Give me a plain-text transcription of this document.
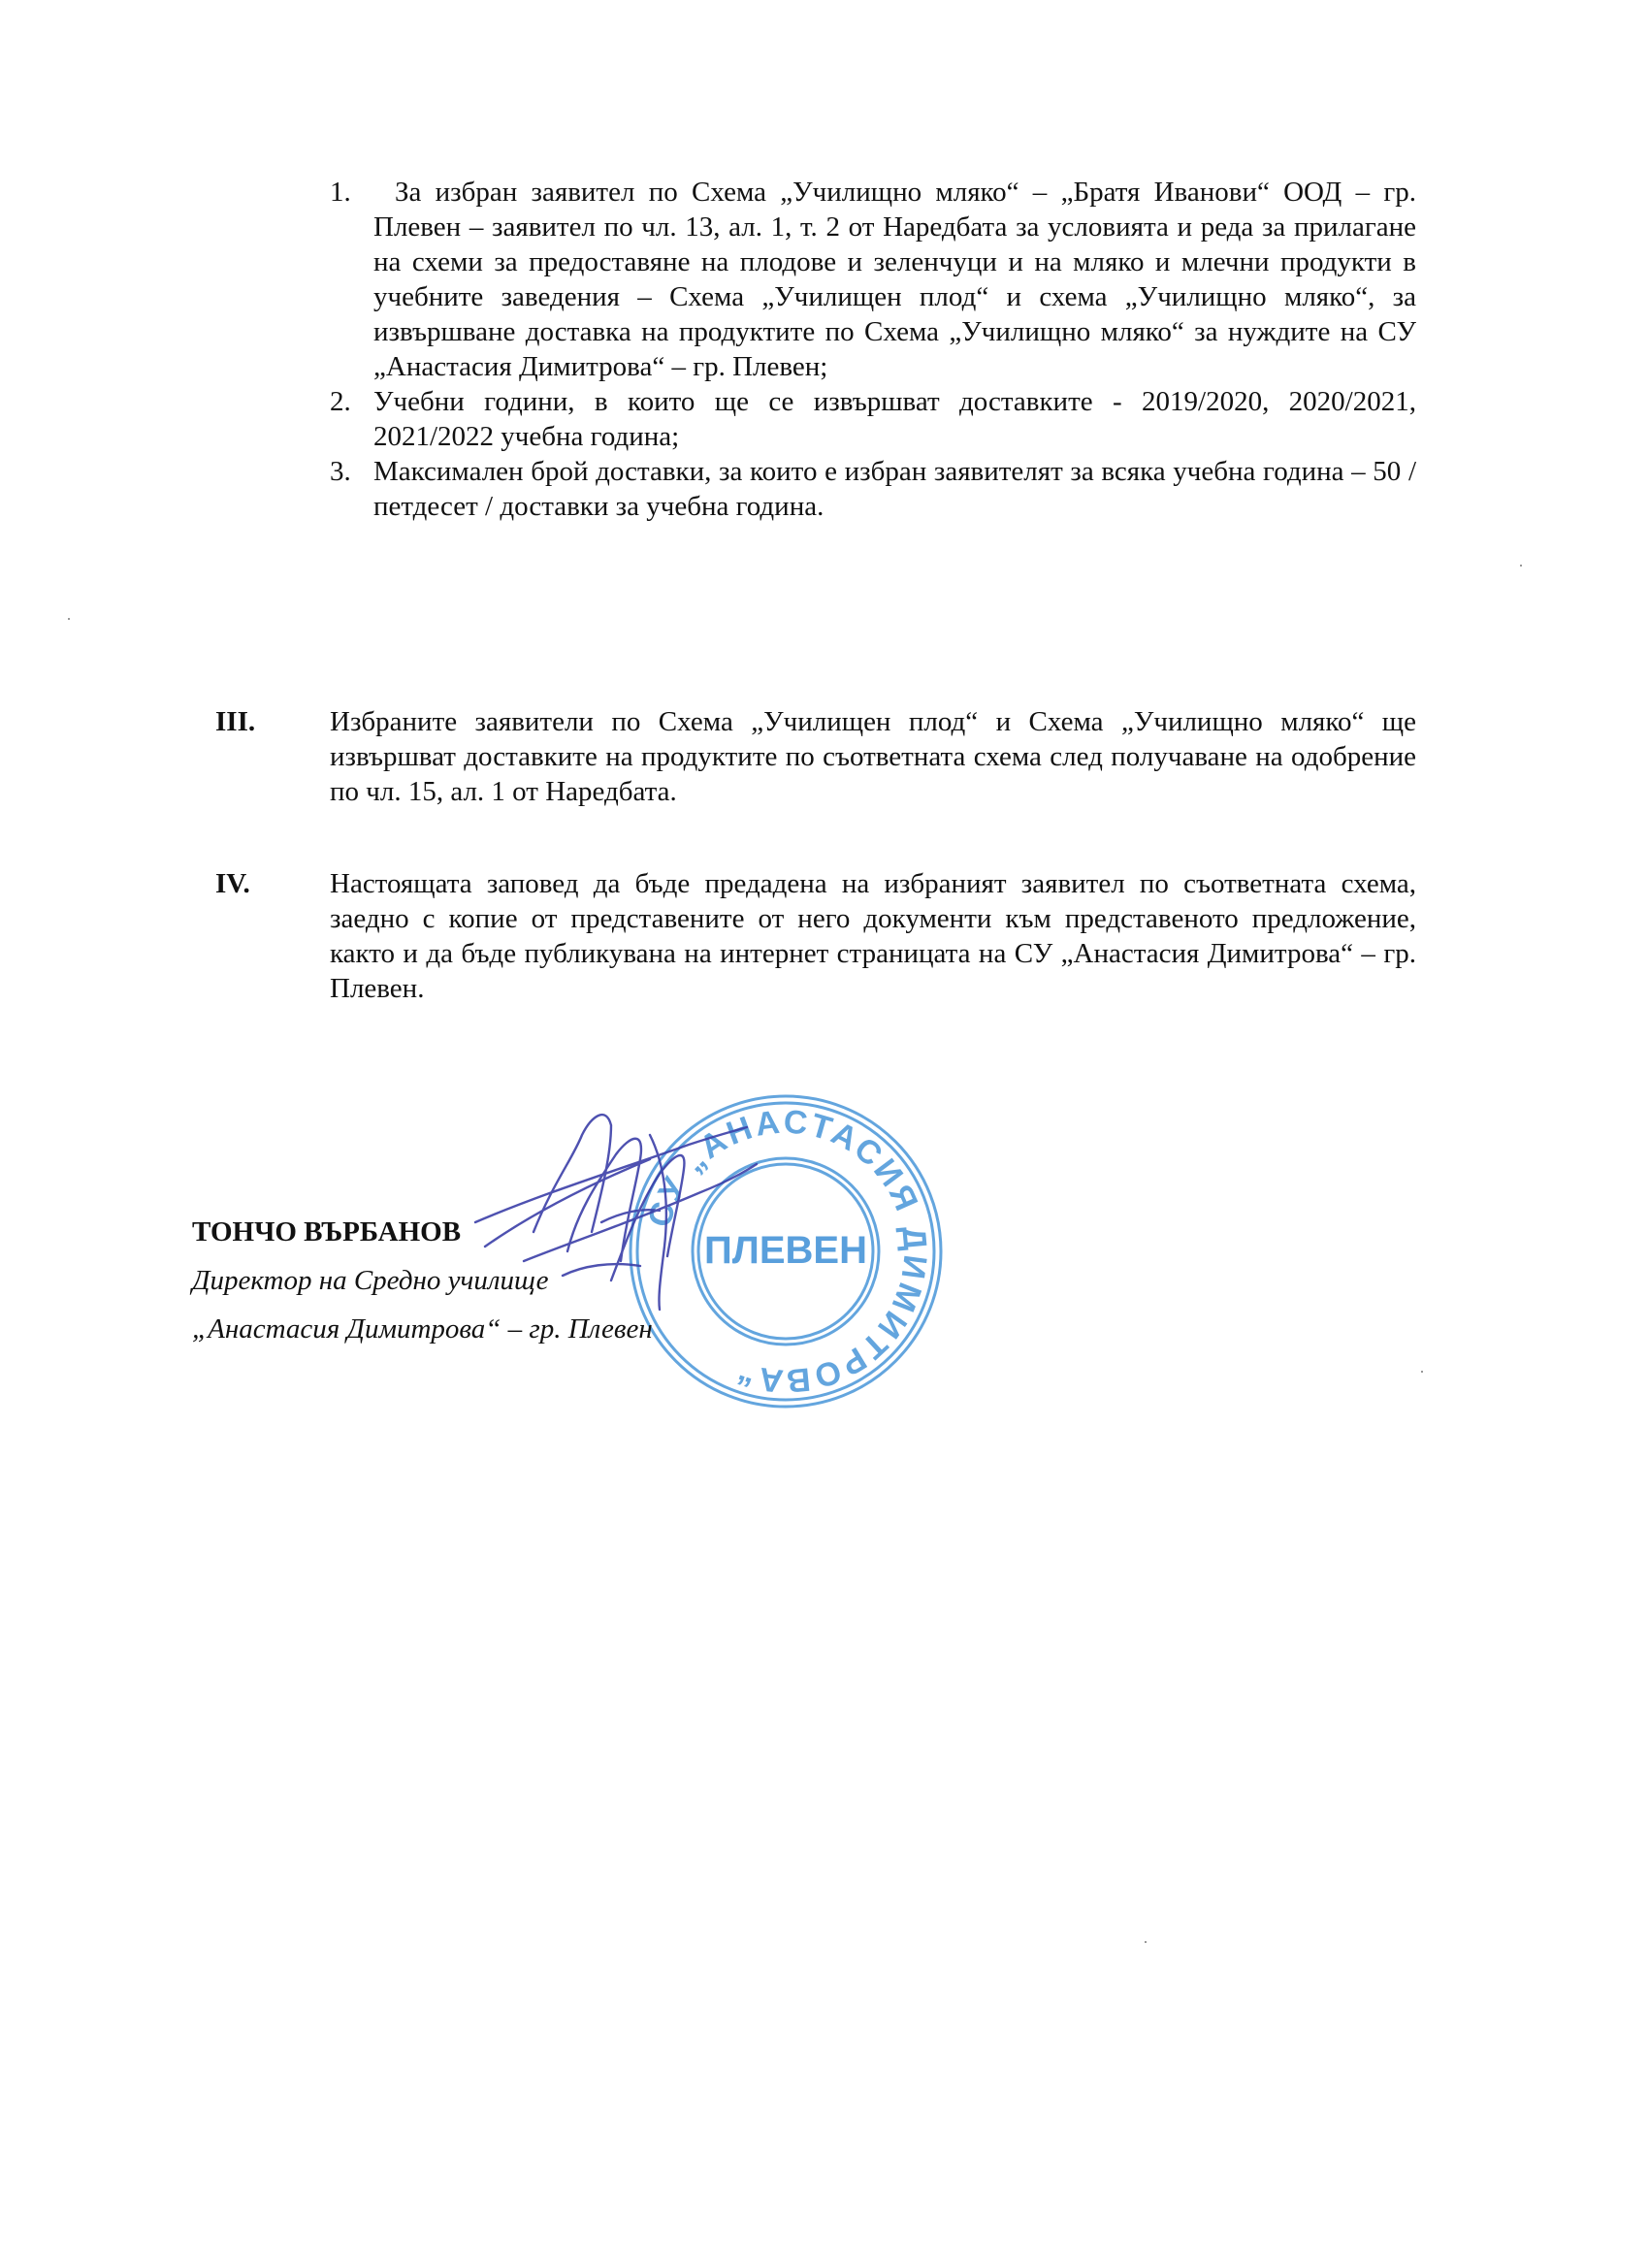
1.	За избран заявител по Схема „Училищно мляко“ – „Братя Иванови“ ООД – гр. Плевен – заявител по чл. 13, ал. 1, т. 2 от Наредбата за условията и реда за прилагане на схеми за предоставяне на плодове и зеленчуци и на мляко и млечни продукти в учебните заведения – Схема „Училищен плод“ и схема „Училищно мляко“, за извършване доставка на продуктите по Схема „Училищно мляко“ за нуждите на СУ „Анастасия Димитрова“ – гр. Плевен;
2. Учебни години, в които ще се извършват доставките - 2019/2020, 2020/2021, 2021/2022 учебна година;
3. Максимален брой доставки, за които е избран заявителят за всяка учебна година – 50 /петдесет / доставки за учебна година.
III.	Избраните заявители по Схема „Училищен плод“ и Схема „Училищно мляко“ ще извършват доставките на продуктите по съответната схема след получаване на одобрение по чл. 15, ал. 1 от Наредбата.
IV.	Настоящата заповед да бъде предадена на избраният заявител по съответната схема, заедно с копие от представените от него документи към представеното предложение, както и да бъде публикувана на интернет страницата на СУ „Анастасия Димитрова“ – гр. Плевен.
СУ „АНАСТАСИЯ ДИМИТРОВА“
ПЛЕВЕН
ТОНЧО ВЪРБАНОВ
Директор на Средно училище
„Анастасия Димитрова“ – гр. Плевен
